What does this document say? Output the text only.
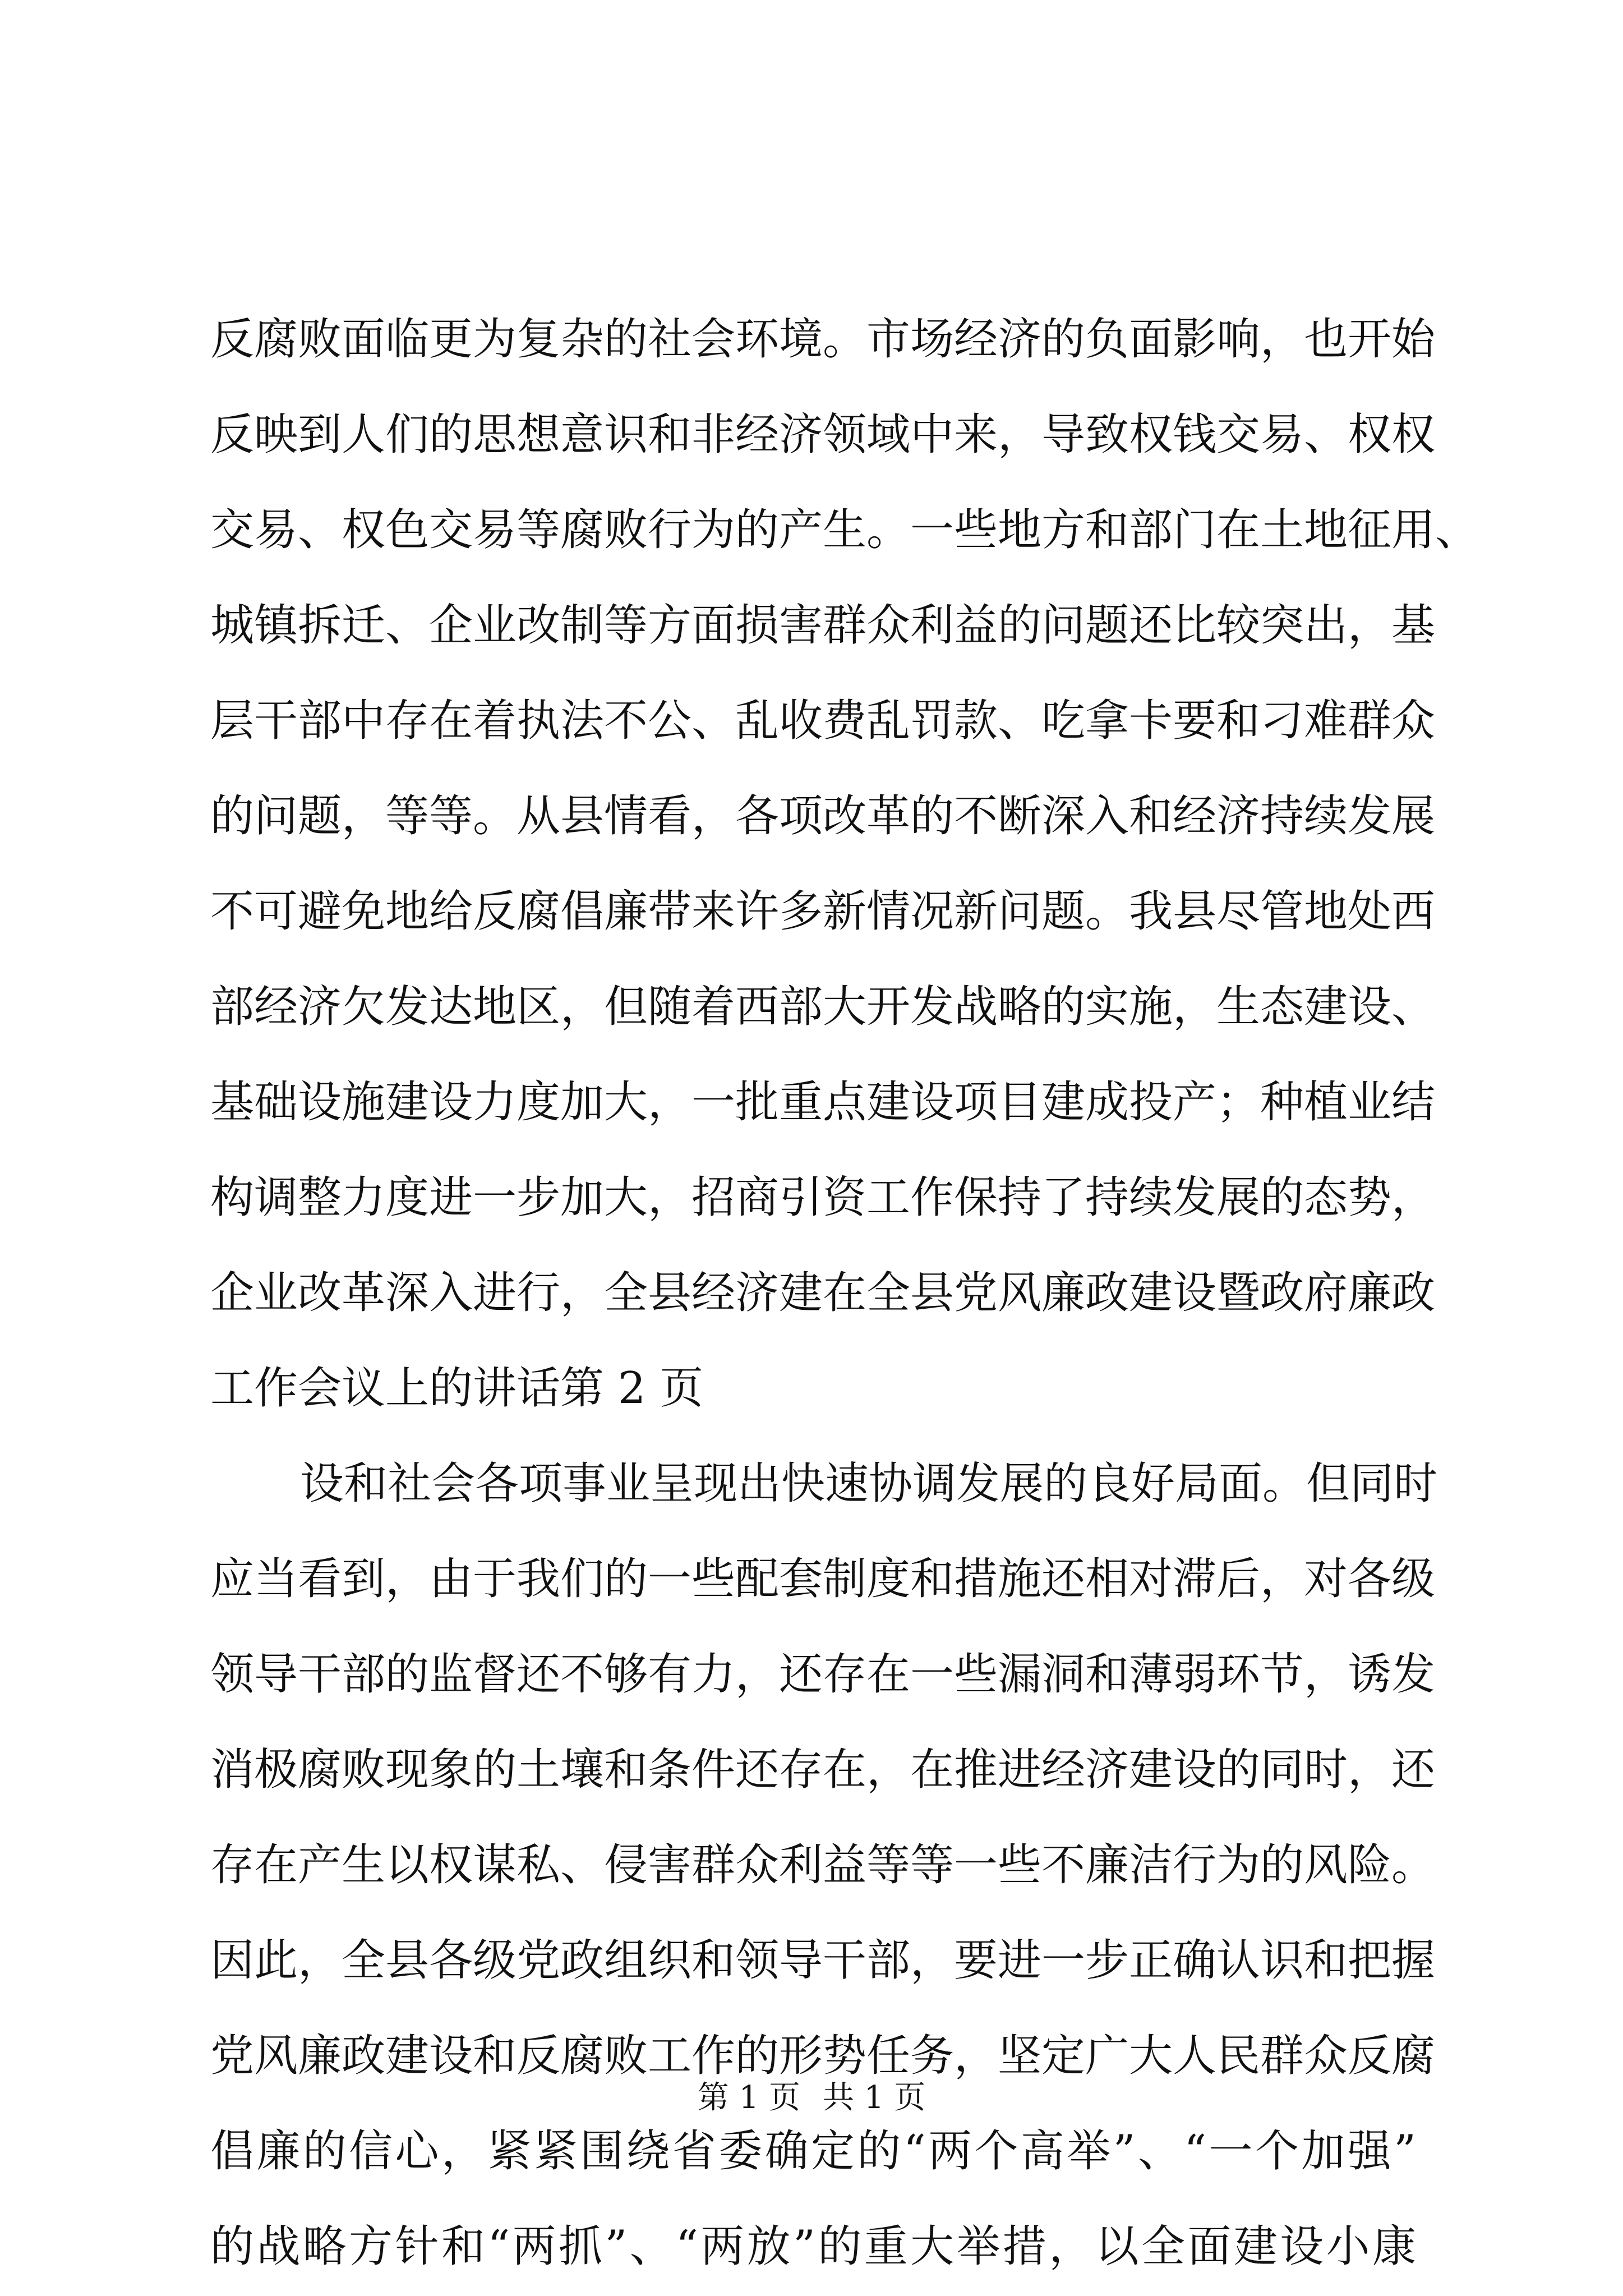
反腐败面临更为复杂的社会环境。市场经济的负面影响，也开始
反映到人们的思想意识和非经济领域中来，导致权钱交易、权权
交易、权色交易等腐败行为的产生。一些地方和部门在土地征用、
城镇拆迁、企业改制等方面损害群众利益的问题还比较突出，基
层干部中存在着执法不公、乱收费乱罚款、吃拿卡要和刁难群众
的问题，等等。从县情看，各项改革的不断深入和经济持续发展
不可避免地给反腐倡廉带来许多新情况新问题。我县尽管地处西
部经济欠发达地区，但随着西部大开发战略的实施，生态建设、
基础设施建设力度加大，一批重点建设项目建成投产；种植业结
构调整力度进一步加大，招商引资工作保持了持续发展的态势，
企业改革深入进行，全县经济建在全县党风廉政建设暨政府廉政
工作会议上的讲话第 2 页
设和社会各项事业呈现出快速协调发展的良好局面。但同时
应当看到，由于我们的一些配套制度和措施还相对滞后，对各级
领导干部的监督还不够有力，还存在一些漏洞和薄弱环节，诱发
消极腐败现象的土壤和条件还存在，在推进经济建设的同时，还
存在产生以权谋私、侵害群众利益等等一些不廉洁行为的风险。
因此，全县各级党政组织和领导干部，要进一步正确认识和把握
党风廉政建设和反腐败工作的形势任务，坚定广大人民群众反腐
倡廉的信心，紧紧围绕省委确定的“两个高举”、“一个加强”
的战略方针和“两抓”、“两放”的重大举措，以全面建设小康
第 1 页 共 1 页
